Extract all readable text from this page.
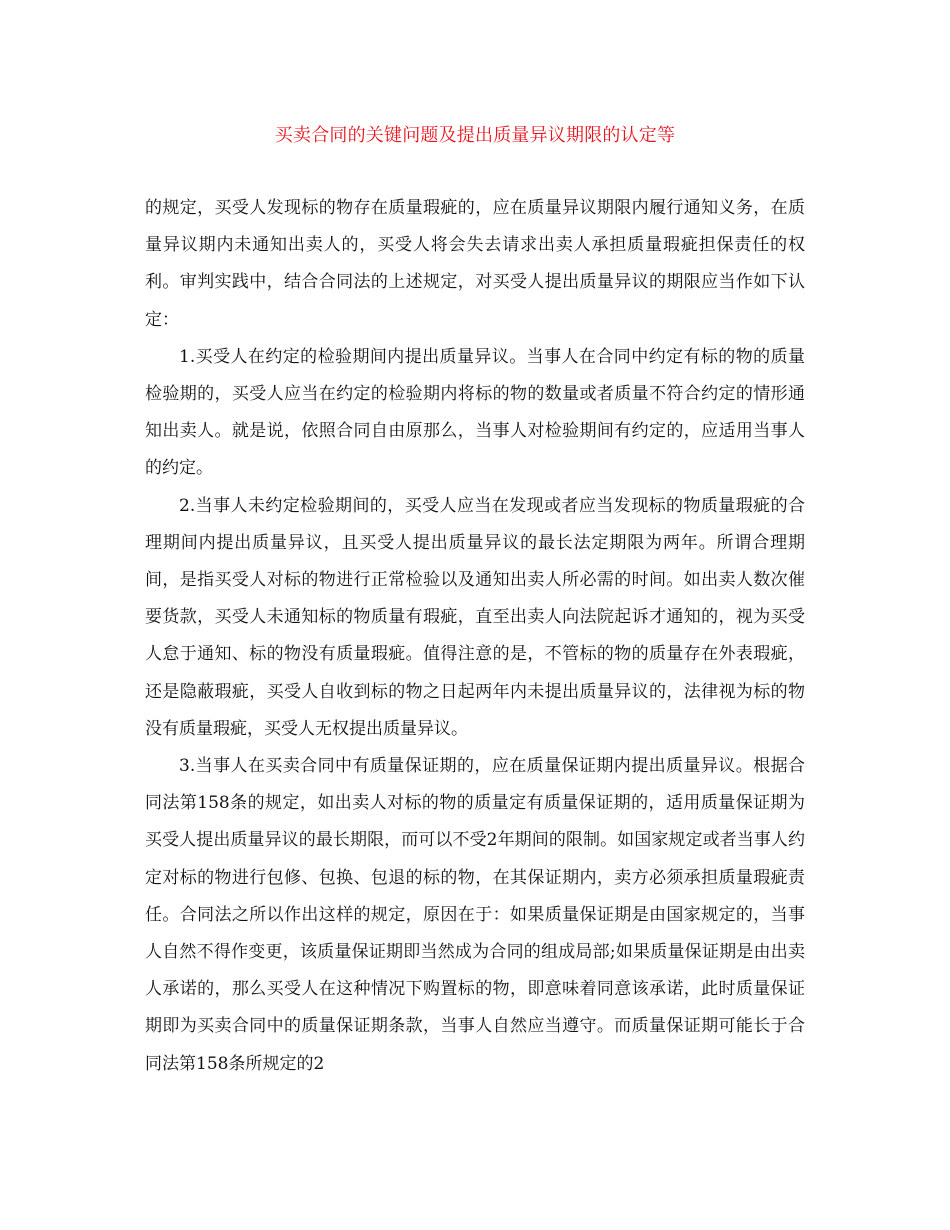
买卖合同的关键问题及提出质量异议期限的认定等

的规定，买受人发现标的物存在质量瑕疵的，应在质量异议期限内履行通知义务，在质量异议期内未通知出卖人的，买受人将会失去请求出卖人承担质量瑕疵担保责任的权利。审判实践中，结合合同法的上述规定，对买受人提出质量异议的期限应当作如下认定：

1.买受人在约定的检验期间内提出质量异议。当事人在合同中约定有标的物的质量检验期的，买受人应当在约定的检验期内将标的物的数量或者质量不符合约定的情形通知出卖人。就是说，依照合同自由原那么，当事人对检验期间有约定的，应适用当事人的约定。

2.当事人未约定检验期间的，买受人应当在发现或者应当发现标的物质量瑕疵的合理期间内提出质量异议，且买受人提出质量异议的最长法定期限为两年。所谓合理期间，是指买受人对标的物进行正常检验以及通知出卖人所必需的时间。如出卖人数次催要货款，买受人未通知标的物质量有瑕疵，直至出卖人向法院起诉才通知的，视为买受人怠于通知、标的物没有质量瑕疵。值得注意的是，不管标的物的质量存在外表瑕疵，还是隐蔽瑕疵，买受人自收到标的物之日起两年内未提出质量异议的，法律视为标的物没有质量瑕疵，买受人无权提出质量异议。

3.当事人在买卖合同中有质量保证期的，应在质量保证期内提出质量异议。根据合同法第158条的规定，如出卖人对标的物的质量定有质量保证期的，适用质量保证期为买受人提出质量异议的最长期限，而可以不受2年期间的限制。如国家规定或者当事人约定对标的物进行包修、包换、包退的标的物，在其保证期内，卖方必须承担质量瑕疵责任。合同法之所以作出这样的规定，原因在于：如果质量保证期是由国家规定的，当事人自然不得作变更，该质量保证期即当然成为合同的组成局部;如果质量保证期是由出卖人承诺的，那么买受人在这种情况下购置标的物，即意味着同意该承诺，此时质量保证期即为买卖合同中的质量保证期条款，当事人自然应当遵守。而质量保证期可能长于合同法第158条所规定的2
